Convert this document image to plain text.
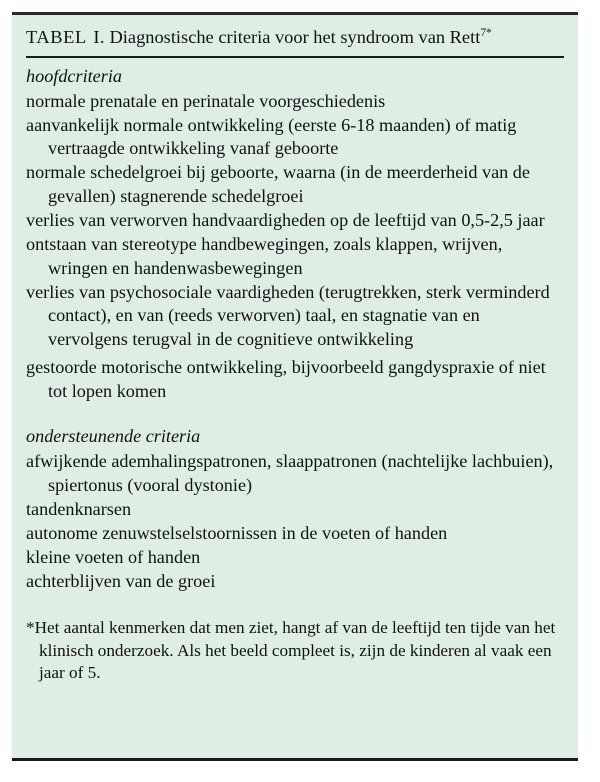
TABEL I. Diagnostische criteria voor het syndroom van Rett$^{7*}$
hoofdcriteria
normale prenatale en perinatale voorgeschiedenis
aanvankelijk normale ontwikkeling (eerste 6-18 maanden) of matig vertraagde ontwikkeling vanaf geboorte
normale schedelgroei bij geboorte, waarna (in de meerderheid van de gevallen) stagnerende schedelgroei
verlies van verworven handvaardigheden op de leeftijd van 0,5-2,5 jaar
ontstaan van stereotype handbewegingen, zoals klappen, wrijven, wringen en handenwasbewegingen
verlies van psychosociale vaardigheden (terugtrekken, sterk verminderd contact), en van (reeds verworven) taal, en stagnatie van en vervolgens terugval in de cognitieve ontwikkeling
gestoorde motorische ontwikkeling, bijvoorbeeld gangdyspraxie of niet tot lopen komen
ondersteunende criteria
afwijkende ademhalingspatronen, slaappatronen (nachtelijke lachbuien), spiertonus (vooral dystonie)
tandenknarsen
autonome zenuwstelselstoornissen in de voeten of handen
kleine voeten of handen
achterblijven van de groei
*Het aantal kenmerken dat men ziet, hangt af van de leeftijd ten tijde van het klinisch onderzoek. Als het beeld compleet is, zijn de kinderen al vaak een jaar of 5.
